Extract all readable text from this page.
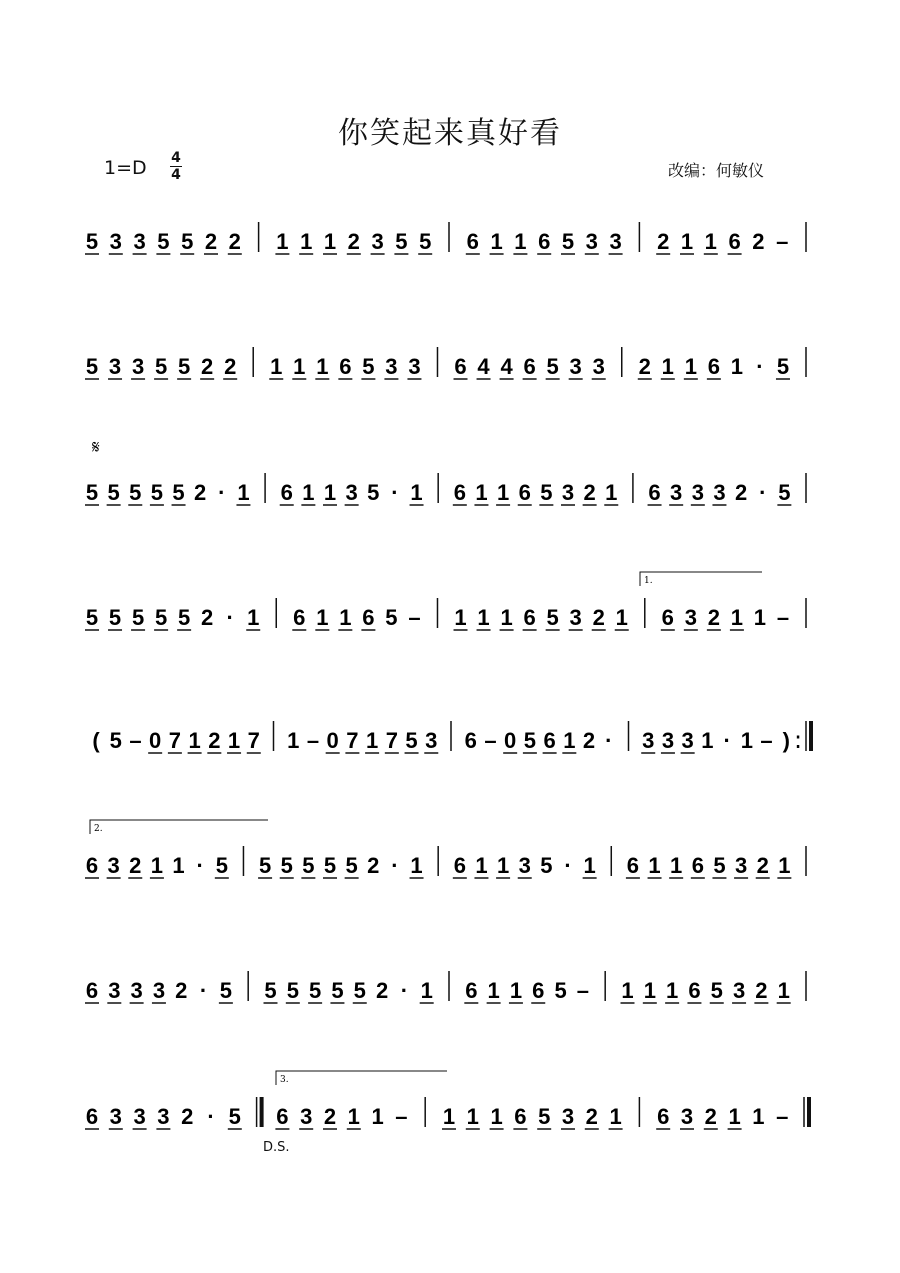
你笑起来真好看
1=D 4
4	改编：何敏仪
D.S.
5 3 3 5 5 2 2 1 1 1 2 3 5 5 6 1 1 6 5 3 3 2 1 1 6 2 –
5 3 3 5 5 2 2 1 1 1 6 5 3 3 6 4 4 6 5 3 3 2 1 1 6 1 · 5
5 5 5 5 5 2 · 1 6 1 1 3 5 · 1 6 1 1 6 5 3 2 1 6 3 3 3 2 · 5
5 5 5 5 5 2 · 1 6 1 1 6 5 – 1 1 1 6 5 3 2 1 6 3 2 1 1 –
( 5 – 0 7 1 2 1 7 1 – 0 7 1 7 5 3 6 – 0 5 6 1 2 · 3 3 3 1 · 1 – ) :
6 3 2 1 1 · 5 5 5 5 5 5 2 · 1 6 1 1 3 5 · 1 6 1 1 6 5 3 2 1
6 3 3 3 2 · 5 5 5 5 5 5 2 · 1 6 1 1 6 5 – 1 1 1 6 5 3 2 1
6 3 3 3 2 · 5 6 3 2 1 1 – 1 1 1 6 5 3 2 1 6 3 2 1 1 –
𝄋
1.
2.
3.
